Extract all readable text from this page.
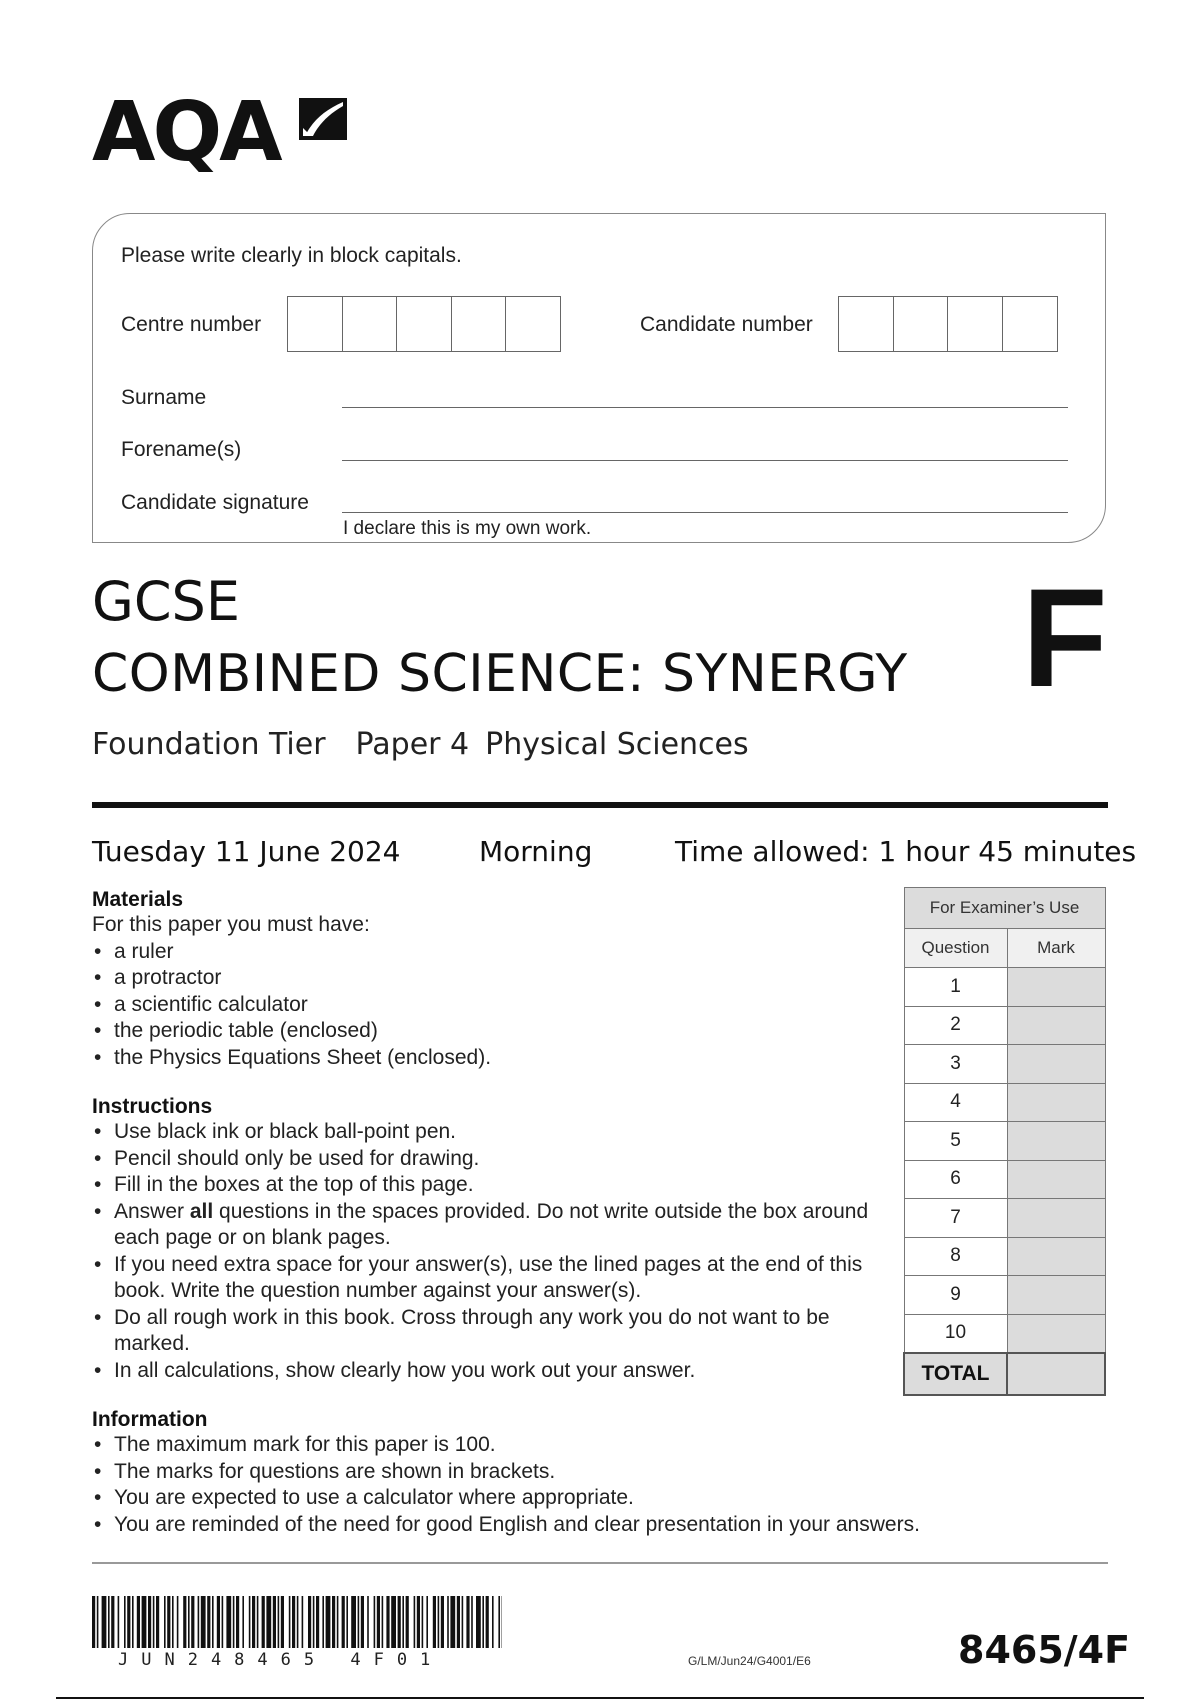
AQA
Please write clearly in block capitals.
Centre number	Candidate number
Surname
Forename(s)
Candidate signature
I declare this is my own work.
GCSE
COMBINED SCIENCE: SYNERGY
Foundation Tier Paper 4 Physical Sciences
F
Tuesday 11 June 2024	Morning	Time allowed: 1 hour 45 minutes
Materials
For this paper you must have:
• a ruler
• a protractor
• a scientific calculator
• the periodic table (enclosed)
• the Physics Equations Sheet (enclosed).
Instructions
• Use black ink or black ball-point pen.
• Pencil should only be used for drawing.
• Fill in the boxes at the top of this page.
• Answer all questions in the spaces provided. Do not write outside the box around each page or on blank pages.
• If you need extra space for your answer(s), use the lined pages at the end of this book. Write the question number against your answer(s).
• Do all rough work in this book. Cross through any work you do not want to be marked.
• In all calculations, show clearly how you work out your answer.
Information
• The maximum mark for this paper is 100.
• The marks for questions are shown in brackets.
• You are expected to use a calculator where appropriate.
• You are reminded of the need for good English and clear presentation in your answers.
For Examiner’s Use	
Question	Mark
1	
2	
3	
4	
5	
6	
7	
8	
9	
10	
TOTAL	
JUN248465 4F01	G/LM/Jun24/G4001/E6	8465/4F
